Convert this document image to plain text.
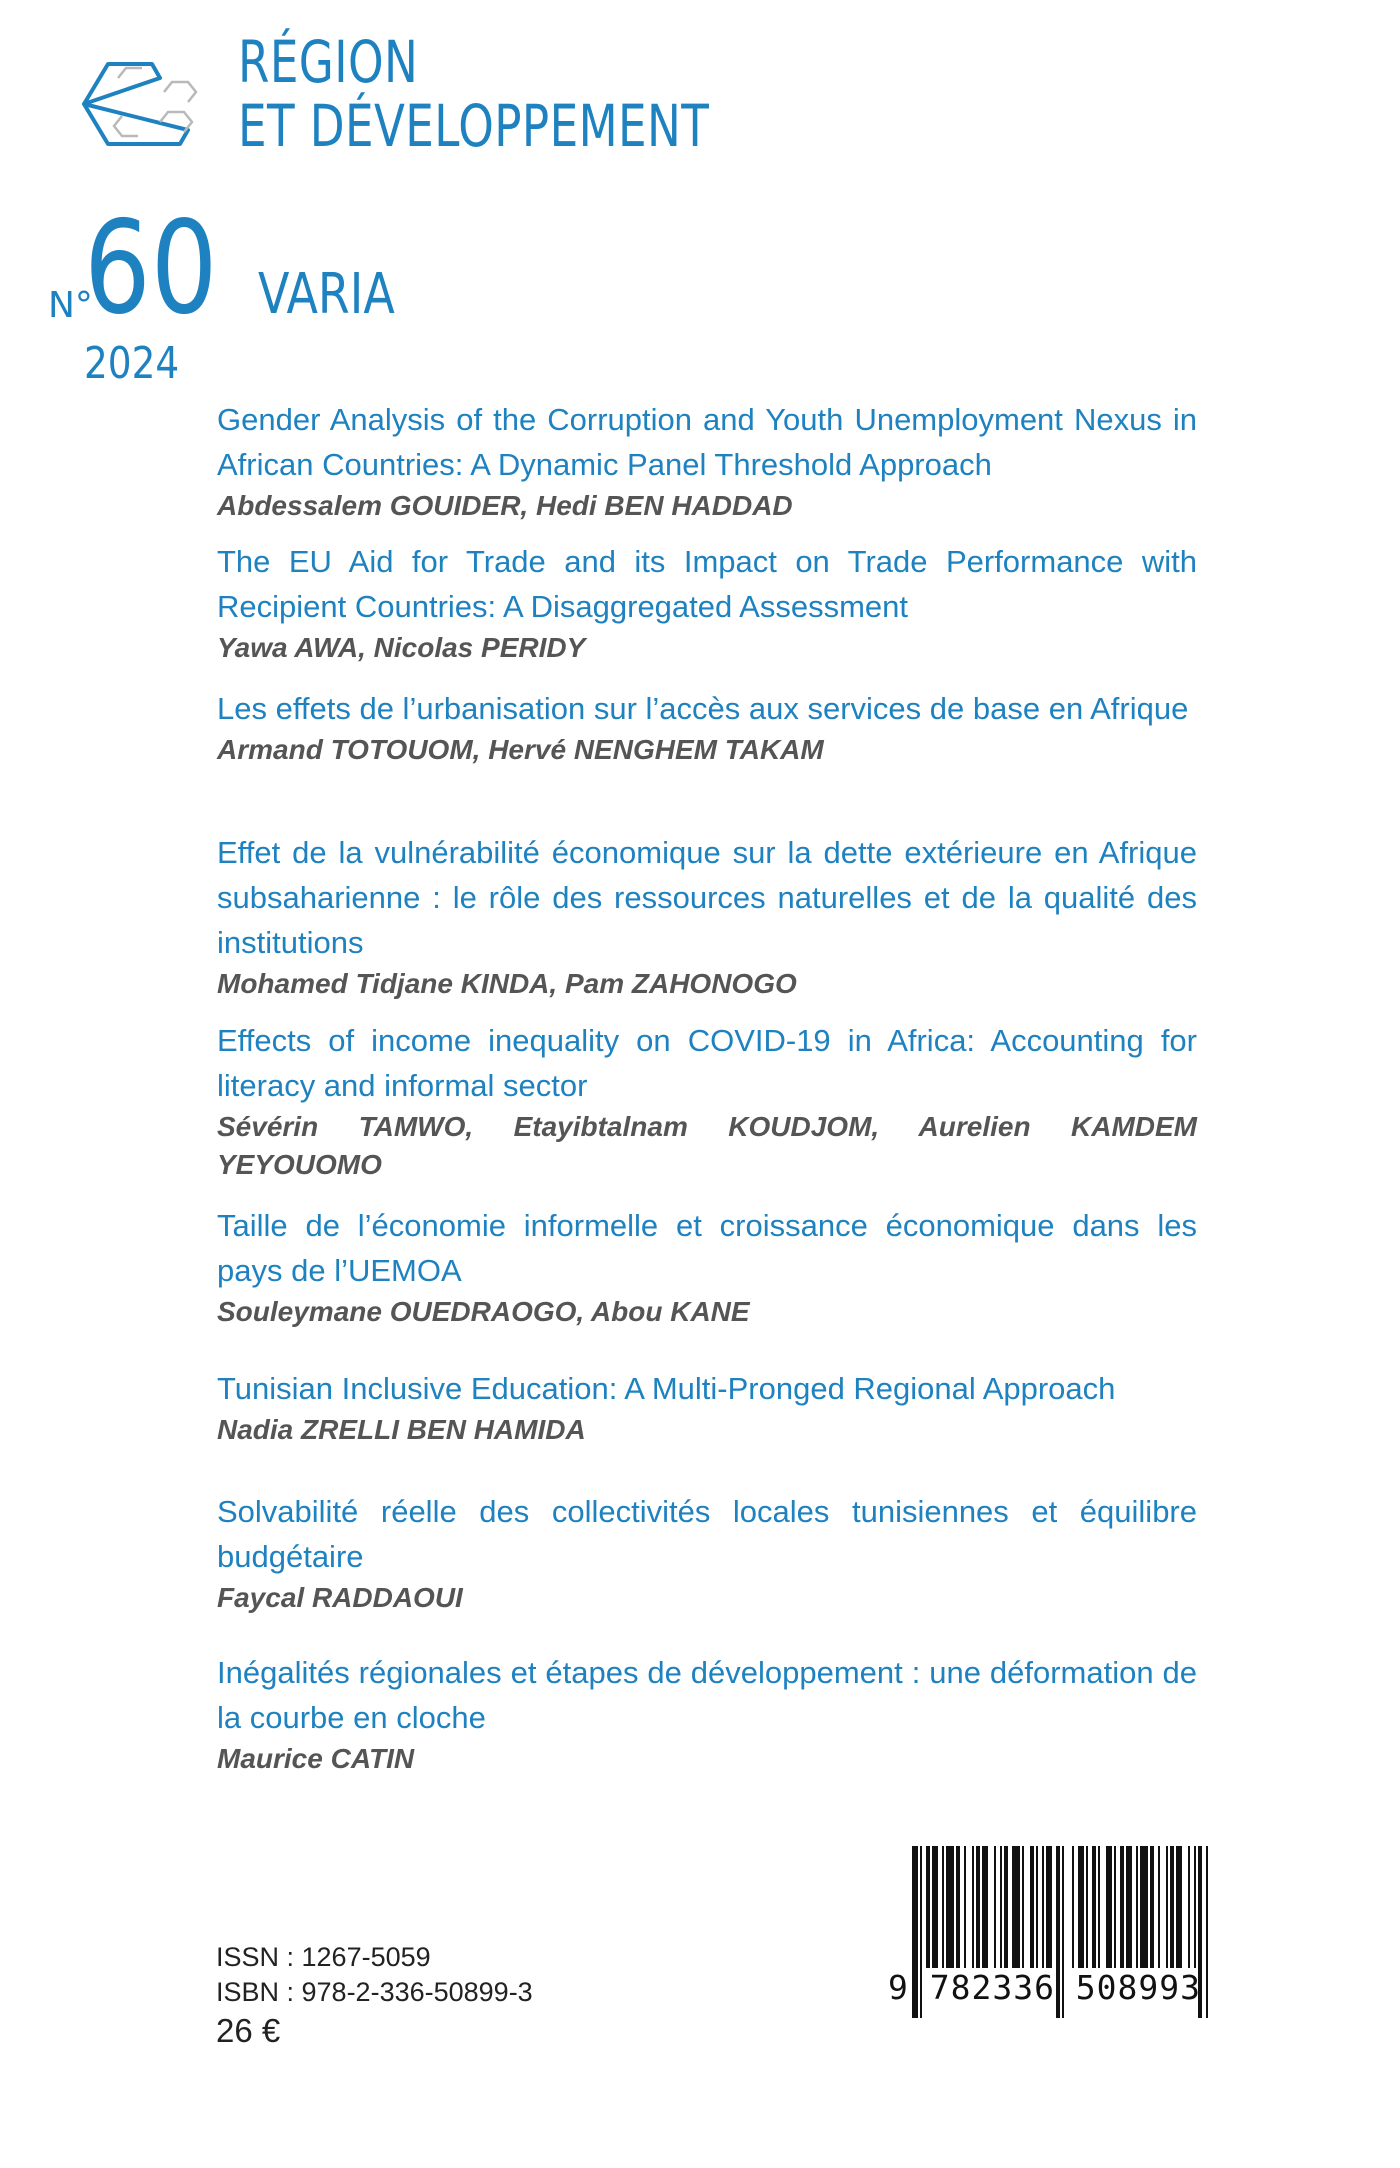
RÉGION
ET DÉVELOPPEMENT
N°
60
2024
VARIA

Gender Analysis of the Corruption and Youth Unemployment Nexus in African Countries: A Dynamic Panel Threshold Approach

Abdessalem GOUIDER, Hedi BEN HADDAD

The EU Aid for Trade and its Impact on Trade Performance with Recipient Countries: A Disaggregated Assessment

Yawa AWA, Nicolas PERIDY

Les effets de l’urbanisation sur l’accès aux services de base en Afrique

Armand TOTOUOM, Hervé NENGHEM TAKAM

Effet de la vulnérabilité économique sur la dette extérieure en Afrique subsaharienne : le rôle des ressources naturelles et de la qualité des institutions

Mohamed Tidjane KINDA, Pam ZAHONOGO

Effects of income inequality on COVID-19 in Africa: Accounting for literacy and informal sector

Sévérin TAMWO, Etayibtalnam KOUDJOM, Aurelien KAMDEM YEYOUOMO

Taille de l’économie informelle et croissance économique dans les pays de l’UEMOA

Souleymane OUEDRAOGO, Abou KANE

Tunisian Inclusive Education: A Multi-Pronged Regional Approach

Nadia ZRELLI BEN HAMIDA

Solvabilité réelle des collectivités locales tunisiennes et équilibre budgétaire

Faycal RADDAOUI

Inégalités régionales et étapes de développement : une déformation de la courbe en cloche

Maurice CATIN

ISSN : 1267-5059
ISBN : 978-2-336-50899-3
26 €
9 782336 508993
